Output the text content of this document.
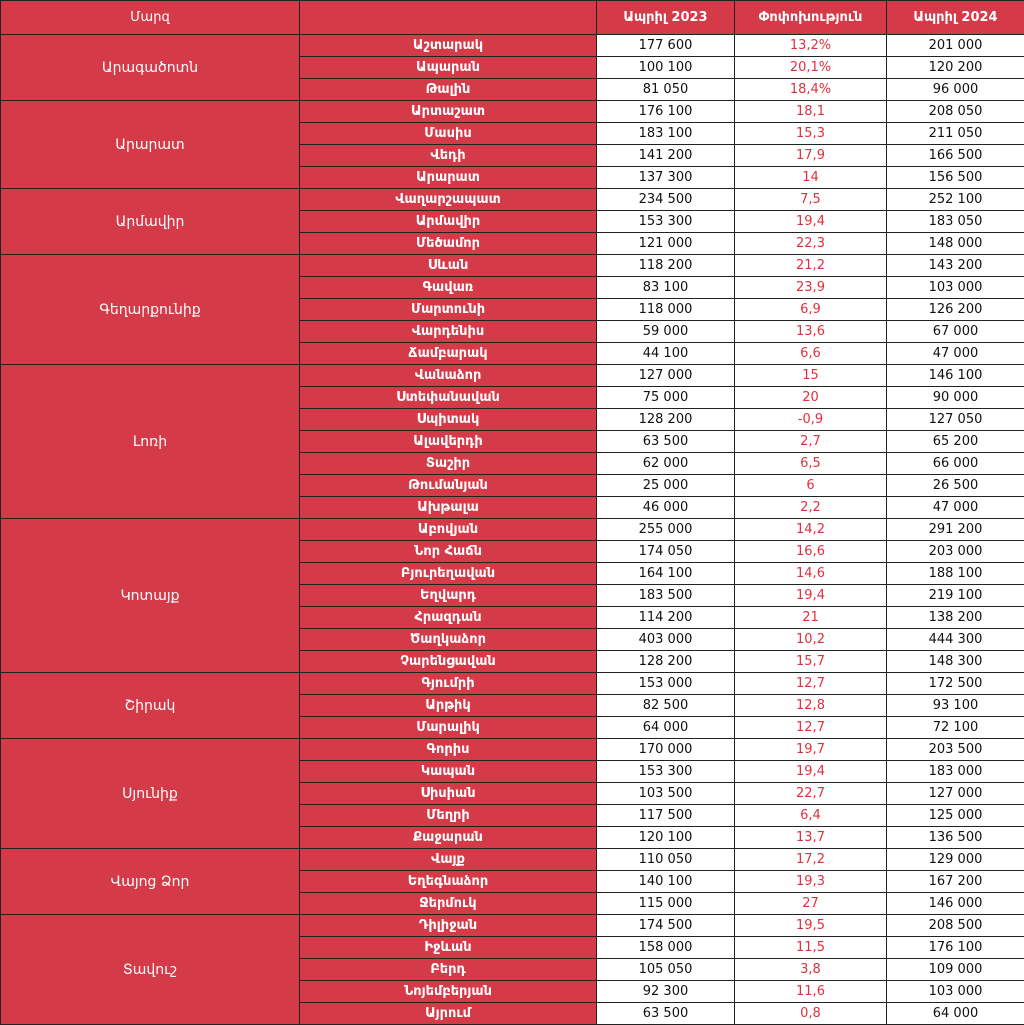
Մարզ		Ապրիլ 2023	Փոփոխություն	Ապրիլ 2024
Արագածոտն	Աշտարակ	177 600	13,2%	201 000
	Ապարան	100 100	20,1%	120 200
	Թալին	81 050	18,4%	96 000
Արարատ	Արտաշատ	176 100	18,1	208 050
	Մասիս	183 100	15,3	211 050
	Վեդի	141 200	17,9	166 500
	Արարատ	137 300	14	156 500
Արմավիր	Վաղարշապատ	234 500	7,5	252 100
	Արմավիր	153 300	19,4	183 050
	Մեծամոր	121 000	22,3	148 000
Գեղարքունիք	Սևան	118 200	21,2	143 200
	Գավառ	83 100	23,9	103 000
	Մարտունի	118 000	6,9	126 200
	Վարդենիս	59 000	13,6	67 000
	Ճամբարակ	44 100	6,6	47 000
Լոռի	Վանաձոր	127 000	15	146 100
	Ստեփանավան	75 000	20	90 000
	Սպիտակ	128 200	-0,9	127 050
	Ալավերդի	63 500	2,7	65 200
	Տաշիր	62 000	6,5	66 000
	Թումանյան	25 000	6	26 500
	Ախթալա	46 000	2,2	47 000
Կոտայք	Աբովյան	255 000	14,2	291 200
	Նոր Հաճն	174 050	16,6	203 000
	Բյուրեղավան	164 100	14,6	188 100
	Եղվարդ	183 500	19,4	219 100
	Հրազդան	114 200	21	138 200
	Ծաղկաձոր	403 000	10,2	444 300
	Չարենցավան	128 200	15,7	148 300
Շիրակ	Գյումրի	153 000	12,7	172 500
	Արթիկ	82 500	12,8	93 100
	Մարալիկ	64 000	12,7	72 100
Սյունիք	Գորիս	170 000	19,7	203 500
	Կապան	153 300	19,4	183 000
	Սիսիան	103 500	22,7	127 000
	Մեղրի	117 500	6,4	125 000
	Քաջարան	120 100	13,7	136 500
Վայոց Ձոր	Վայք	110 050	17,2	129 000
	Եղեգնաձոր	140 100	19,3	167 200
	Ջերմուկ	115 000	27	146 000
Տավուշ	Դիլիջան	174 500	19,5	208 500
	Իջևան	158 000	11,5	176 100
	Բերդ	105 050	3,8	109 000
	Նոյեմբերյան	92 300	11,6	103 000
	Այրում	63 500	0,8	64 000
